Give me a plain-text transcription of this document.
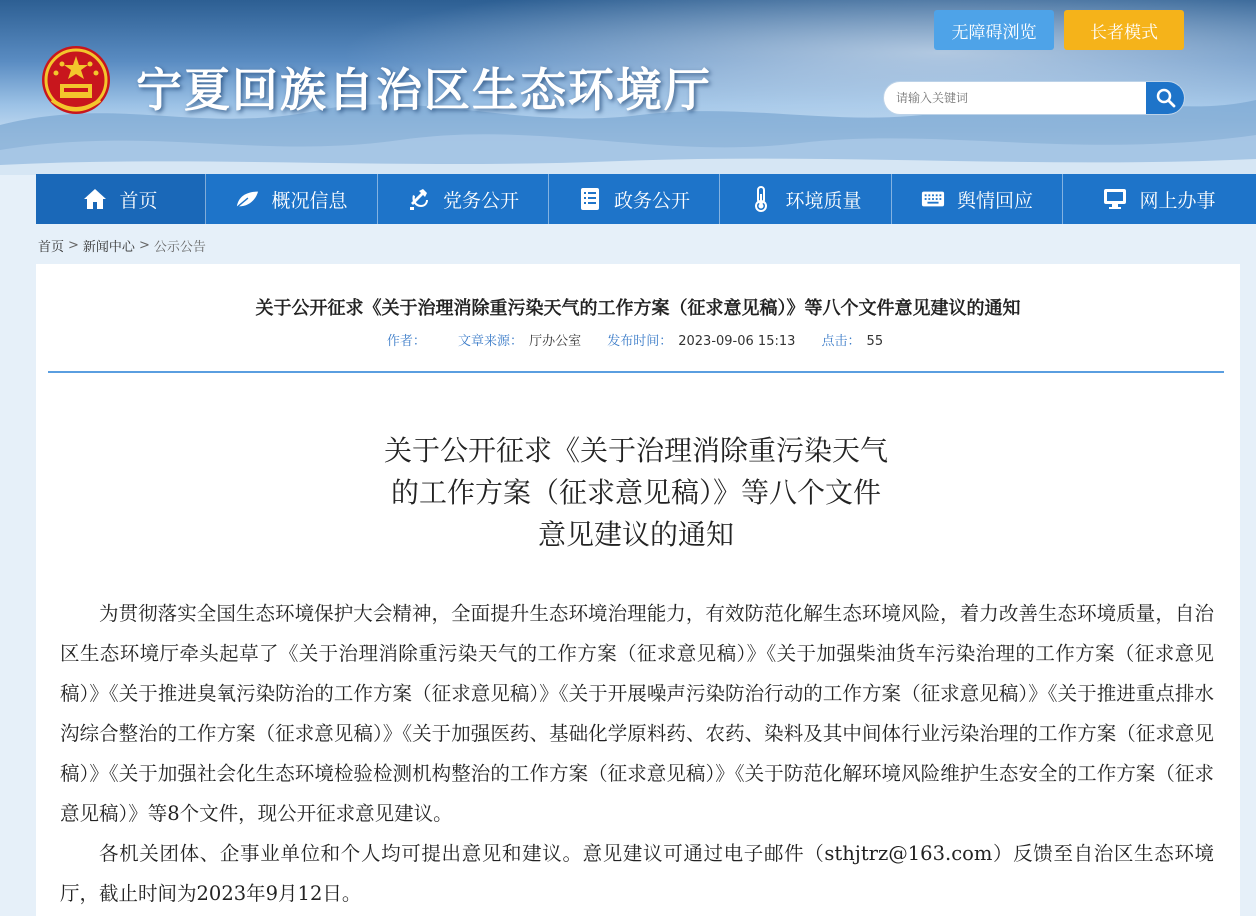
宁夏回族自治区生态环境厅
无障碍浏览	长者模式
请输入关键词
首页	概况信息	党务公开	政务公开	环境质量	舆情回应	网上办事
首页 > 新闻中心 > 公示公告
关于公开征求《关于治理消除重污染天气的工作方案（征求意见稿）》等八个文件意见建议的通知
作者： 文章来源： 厅办公室 发布时间： 2023-09-06 15:13 点击： 55
关于公开征求《关于治理消除重污染天气
的工作方案（征求意见稿）》等八个文件
意见建议的通知

为贯彻落实全国生态环境保护大会精神，全面提升生态环境治理能力，有效防范化解生态环境风险，着力改善生态环境质量，自治区生态环境厅牵头起草了《关于治理消除重污染天气的工作方案（征求意见稿）》《关于加强柴油货车污染治理的工作方案（征求意见稿）》《关于推进臭氧污染防治的工作方案（征求意见稿）》《关于开展噪声污染防治行动的工作方案（征求意见稿）》《关于推进重点排水沟综合整治的工作方案（征求意见稿）》《关于加强医药、基础化学原料药、农药、染料及其中间体行业污染治理的工作方案（征求意见稿）》《关于加强社会化生态环境检验检测机构整治的工作方案（征求意见稿）》《关于防范化解环境风险维护生态安全的工作方案（征求意见稿）》等8个文件，现公开征求意见建议。

各机关团体、企事业单位和个人均可提出意见和建议。意见建议可通过电子邮件（sthjtrz@163.com）反馈至自治区生态环境厅，截止时间为2023年9月12日。
